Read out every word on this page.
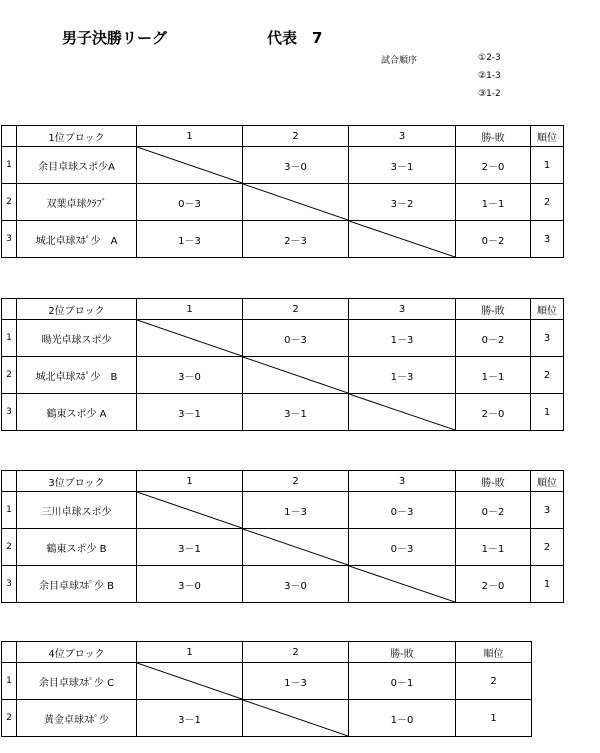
男子決勝リーグ	代表　7
試合順序	①2-3
②1-3
③1-2
	1位ブロック	1	2	3	勝-敗	順位
1	余目卓球スポ少A		3－0	3－1	2－0	1
2	双葉卓球ｸﾗﾌﾞ	0－3		3－2	1－1	2
3	城北卓球ｽﾎﾟ少　A	1－3	2－3		0－2	3
	2位ブロック	1	2	3	勝-敗	順位
1	暘光卓球スポ少		0－3	1－3	0－2	3
2	城北卓球ｽﾎﾟ少　B	3－0		1－3	1－1	2
3	鶴東スポ少 A	3－1	3－1		2－0	1
	3位ブロック	1	2	3	勝-敗	順位
1	三川卓球スポ少		1－3	0－3	0－2	3
2	鶴東スポ少 B	3－1		0－3	1－1	2
3	余目卓球ｽﾎﾟ少 B	3－0	3－0		2－0	1
	4位ブロック	1	2	勝-敗	順位
1	余目卓球ｽﾎﾟ少 C		1－3	0－1	2
2	黄金卓球ｽﾎﾟ少	3－1		1－0	1
